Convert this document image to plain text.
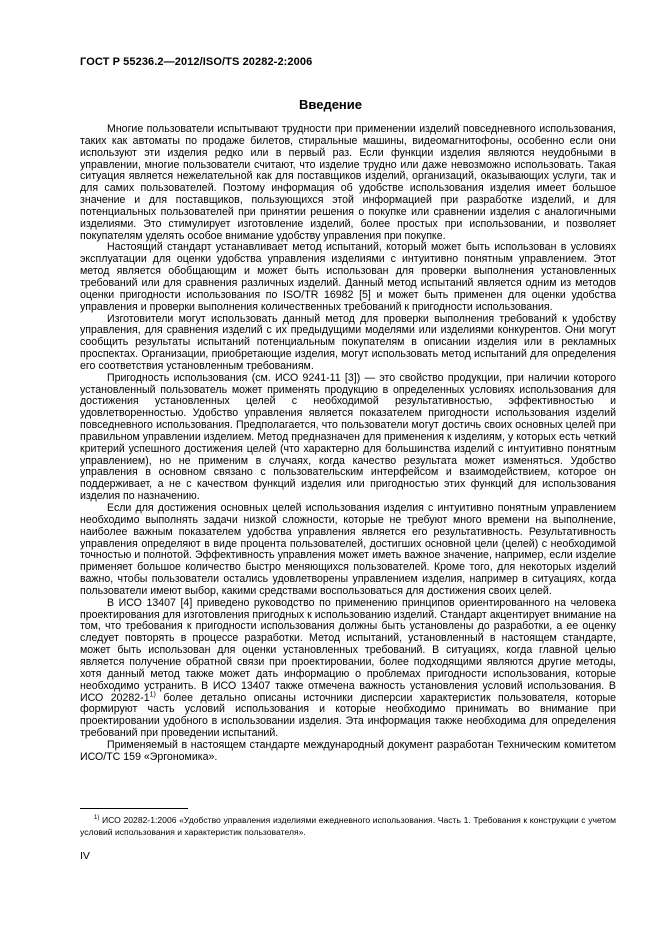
ГОСТ Р 55236.2—2012/ISO/TS 20282-2:2006
Введение

Многие пользователи испытывают трудности при применении изделий повседневного использования, таких как автоматы по продаже билетов, стиральные машины, видеомагнитофоны, особенно если они используют эти изделия редко или в первый раз. Если функции изделия являются неудобными в управлении, многие пользователи считают, что изделие трудно или даже невозможно использовать. Такая ситуация является нежелательной как для поставщиков изделий, организаций, оказывающих услуги, так и для самих пользователей. Поэтому информация об удобстве использования изделия имеет большое значение и для поставщиков, пользующихся этой информацией при разработке изделий, и для потенциальных пользователей при принятии решения о покупке или сравнении изделия с аналогичными изделиями. Это стимулирует изготовление изделий, более простых при использовании, и позволяет покупателям уделять особое внимание удобству управления при покупке.

Настоящий стандарт устанавливает метод испытаний, который может быть использован в условиях эксплуатации для оценки удобства управления изделиями с интуитивно понятным управлением. Этот метод является обобщающим и может быть использован для проверки выполнения установленных требований или для сравнения различных изделий. Данный метод испытаний является одним из методов оценки пригодности использования по ISO/TR 16982 [5] и может быть применен для оценки удобства управления и проверки выполнения количественных требований к пригодности использования.

Изготовители могут использовать данный метод для проверки выполнения требований к удобству управления, для сравнения изделий с их предыдущими моделями или изделиями конкурентов. Они могут сообщить результаты испытаний потенциальным покупателям в описании изделия или в рекламных проспектах. Организации, приобретающие изделия, могут использовать метод испытаний для определения его соответствия установленным требованиям.

Пригодность использования (см. ИСО 9241-11 [3]) — это свойство продукции, при наличии которого установленный пользователь может применять продукцию в определенных условиях использования для достижения установленных целей с необходимой результативностью, эффективностью и удовлетворенностью. Удобство управления является показателем пригодности использования изделий повседневного использования. Предполагается, что пользователи могут достичь своих основных целей при правильном управлении изделием. Метод предназначен для применения к изделиям, у которых есть четкий критерий успешного достижения целей (что характерно для большинства изделий с интуитивно понятным управлением), но не применим в случаях, когда качество результата может изменяться. Удобство управления в основном связано с пользовательским интерфейсом и взаимодействием, которое он поддерживает, а не с качеством функций изделия или пригодностью этих функций для использования изделия по назначению.

Если для достижения основных целей использования изделия с интуитивно понятным управлением необходимо выполнять задачи низкой сложности, которые не требуют много времени на выполнение, наиболее важным показателем удобства управления является его результативность. Результативность управления определяют в виде процента пользователей, достигших основной цели (целей) с необходимой точностью и полнотой. Эффективность управления может иметь важное значение, например, если изделие применяет большое количество быстро меняющихся пользователей. Кроме того, для некоторых изделий важно, чтобы пользователи остались удовлетворены управлением изделия, например в ситуациях, когда пользователи имеют выбор, какими средствами воспользоваться для достижения своих целей.

В ИСО 13407 [4] приведено руководство по применению принципов ориентированного на человека проектирования для изготовления пригодных к использованию изделий. Стандарт акцентирует внимание на том, что требования к пригодности использования должны быть установлены до разработки, а ее оценку следует повторять в процессе разработки. Метод испытаний, установленный в настоящем стандарте, может быть использован для оценки установленных требований. В ситуациях, когда главной целью является получение обратной связи при проектировании, более подходящими являются другие методы, хотя данный метод также может дать информацию о проблемах пригодности использования, которые необходимо устранить. В ИСО 13407 также отмечена важность установления условий использования. В ИСО 20282-1$^{1)}$ более детально описаны источники дисперсии характеристик пользователя, которые формируют часть условий использования и которые необходимо принимать во внимание при проектировании удобного в использовании изделия. Эта информация также необходима для определения требований при проведении испытаний.

Применяемый в настоящем стандарте международный документ разработан Техническим комитетом ИСО/ТС 159 «Эргономика».

$^{1)}$ ИСО 20282-1:2006 «Удобство управления изделиями ежедневного использования. Часть 1. Требования к конструкции с учетом условий использования и характеристик пользователя».

IV
